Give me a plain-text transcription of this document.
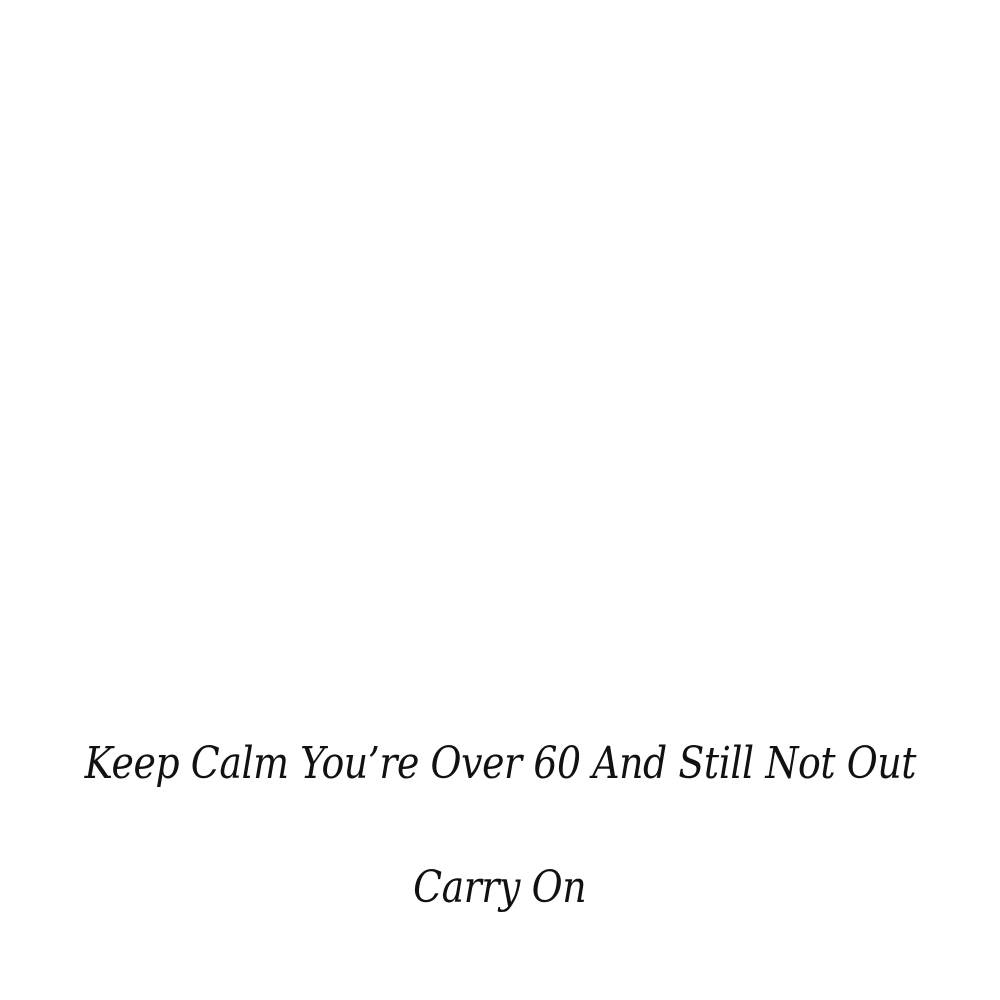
Keep Calm You’re Over 60 And Still Not Out
Carry On
